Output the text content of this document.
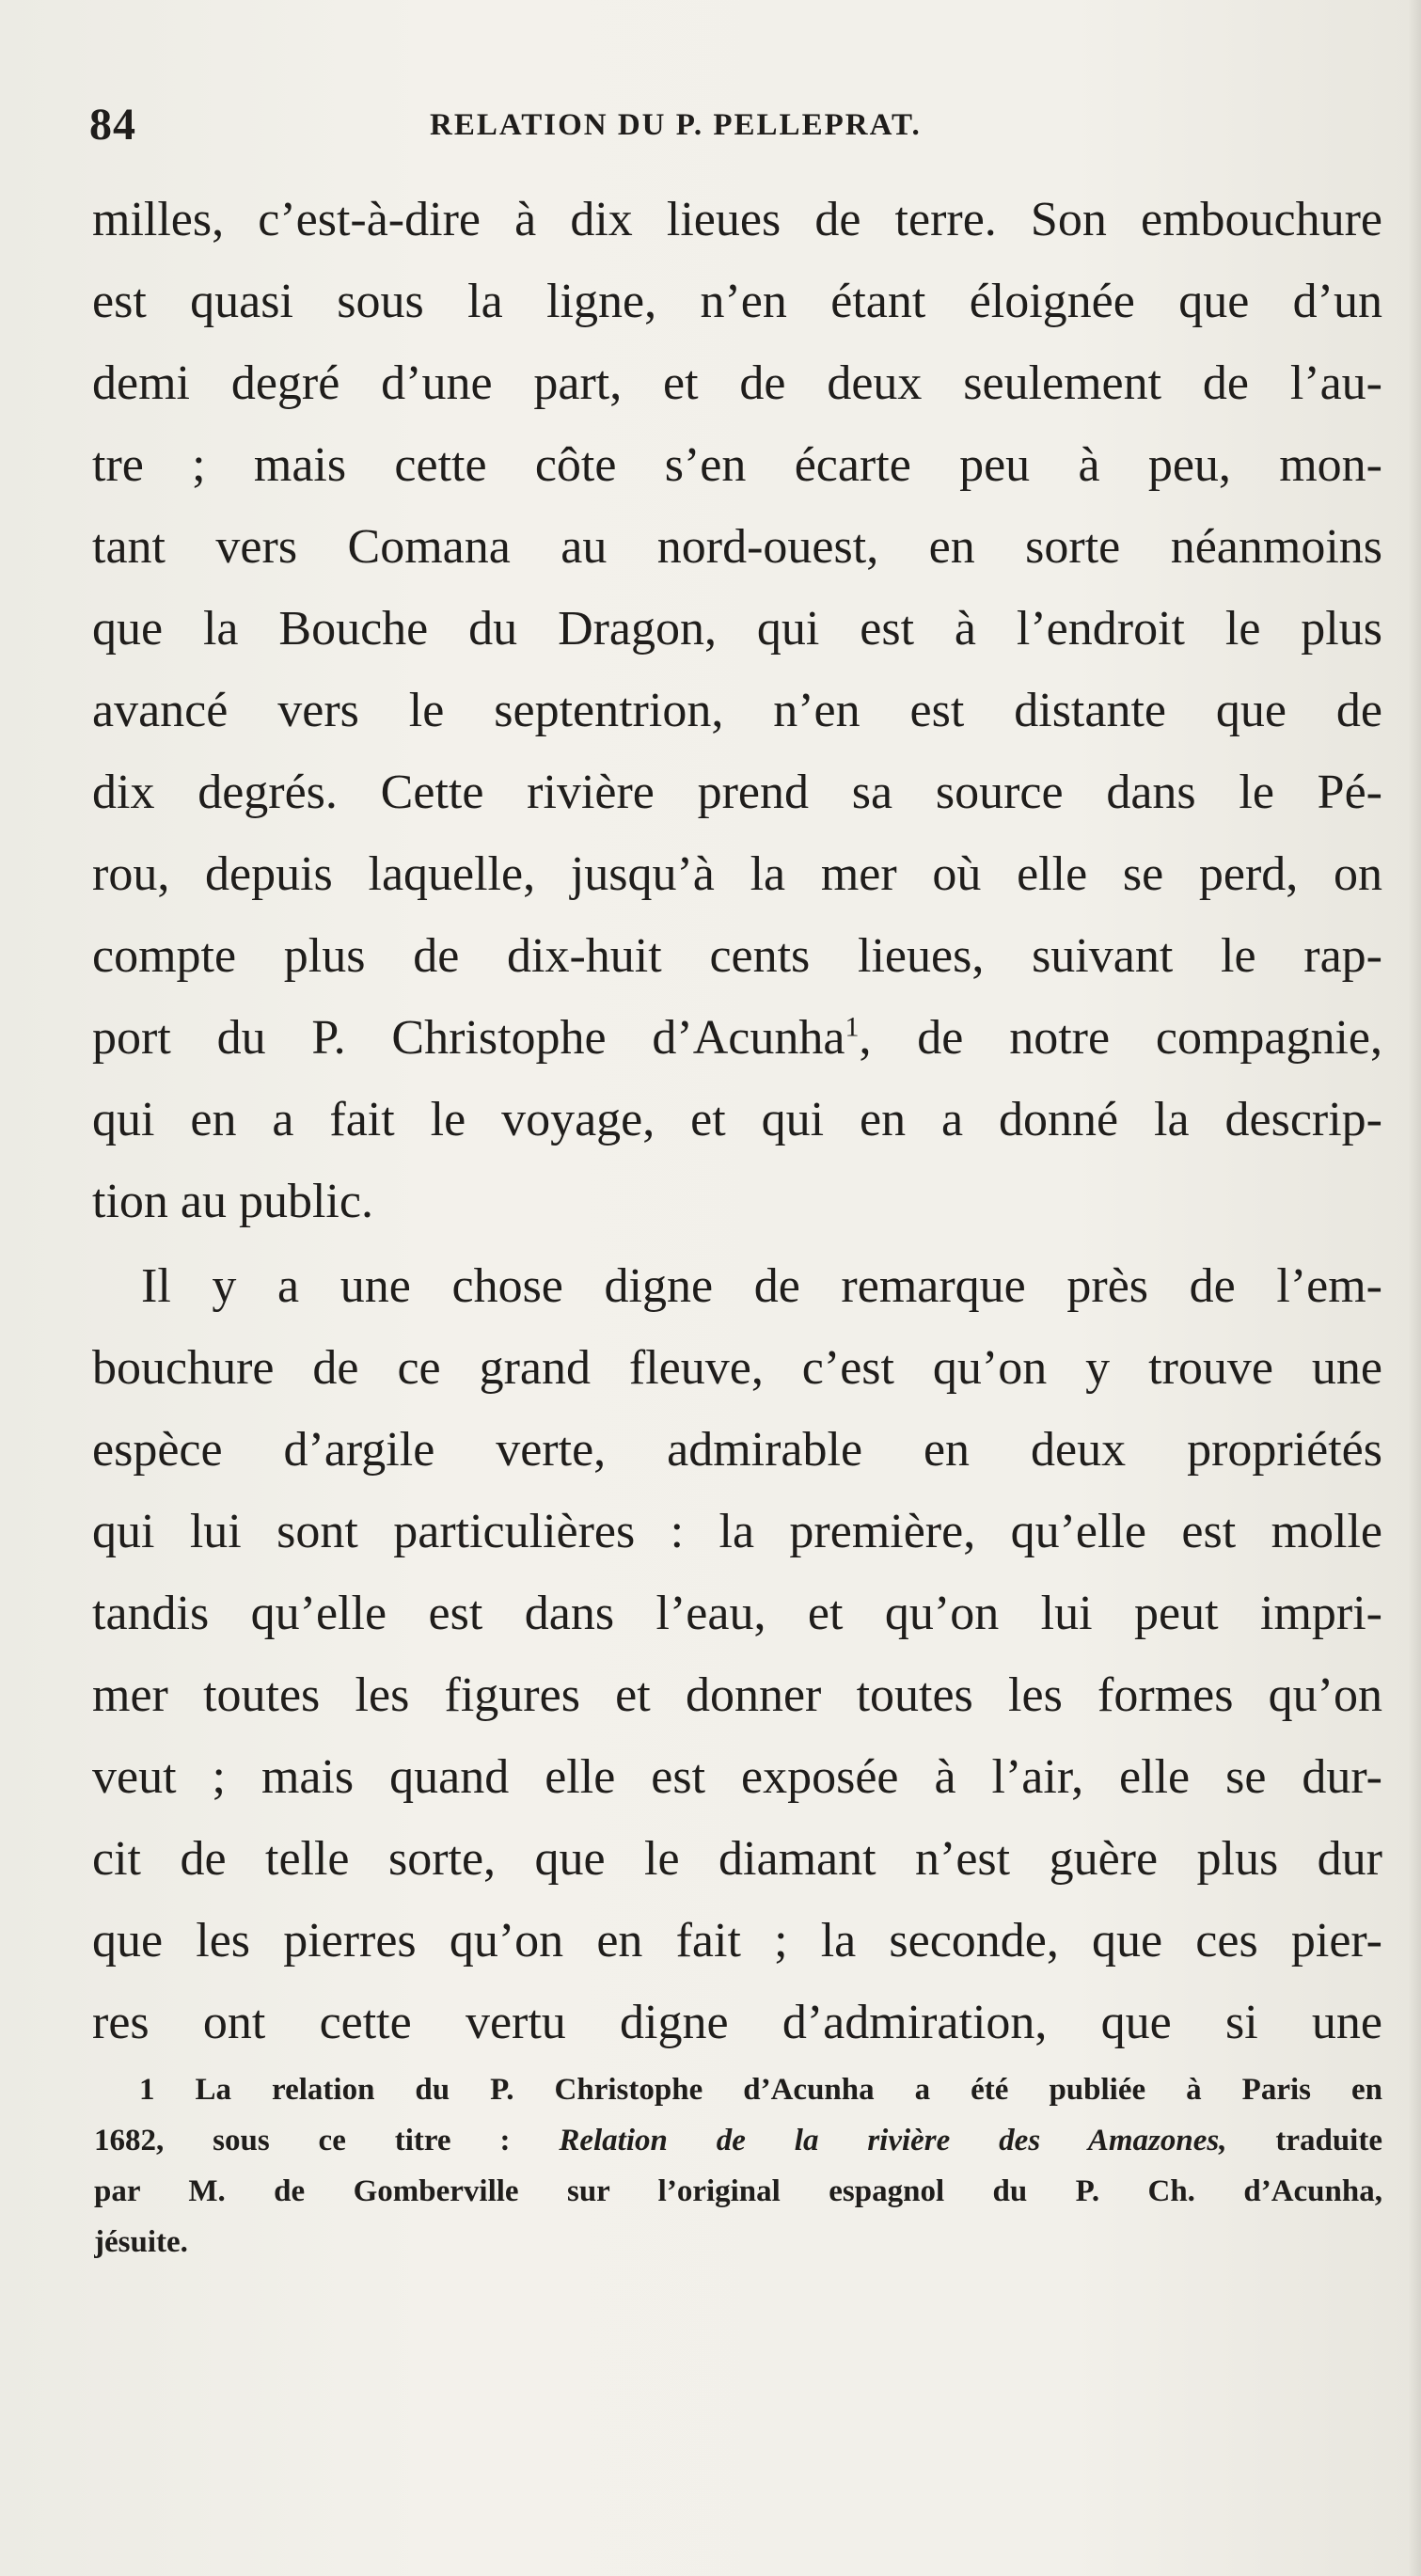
84	RELATION DU P. PELLEPRAT.
milles, c’est-à-dire à dix lieues de terre. Son embouchure
est quasi sous la ligne, n’en étant éloignée que d’un
demi degré d’une part, et de deux seulement de l’au-
tre ; mais cette côte s’en écarte peu à peu, mon-
tant vers Comana au nord-ouest, en sorte néanmoins
que la Bouche du Dragon, qui est à l’endroit le plus
avancé vers le septentrion, n’en est distante que de
dix degrés. Cette rivière prend sa source dans le Pé-
rou, depuis laquelle, jusqu’à la mer où elle se perd, on
compte plus de dix-huit cents lieues, suivant le rap-
port du P. Christophe d’Acunha$^1$, de notre compagnie,
qui en a fait le voyage, et qui en a donné la descrip-
tion au public.
Il y a une chose digne de remarque près de l’em-
bouchure de ce grand fleuve, c’est qu’on y trouve une
espèce d’argile verte, admirable en deux propriétés
qui lui sont particulières : la première, qu’elle est molle
tandis qu’elle est dans l’eau, et qu’on lui peut impri-
mer toutes les figures et donner toutes les formes qu’on
veut ; mais quand elle est exposée à l’air, elle se dur-
cit de telle sorte, que le diamant n’est guère plus dur
que les pierres qu’on en fait ; la seconde, que ces pier-
res ont cette vertu digne d’admiration, que si une
1 La relation du P. Christophe d’Acunha a été publiée à Paris en
1682, sous ce titre : Relation de la rivière des Amazones, traduite
par M. de Gomberville sur l’original espagnol du P. Ch. d’Acunha,
jésuite.
